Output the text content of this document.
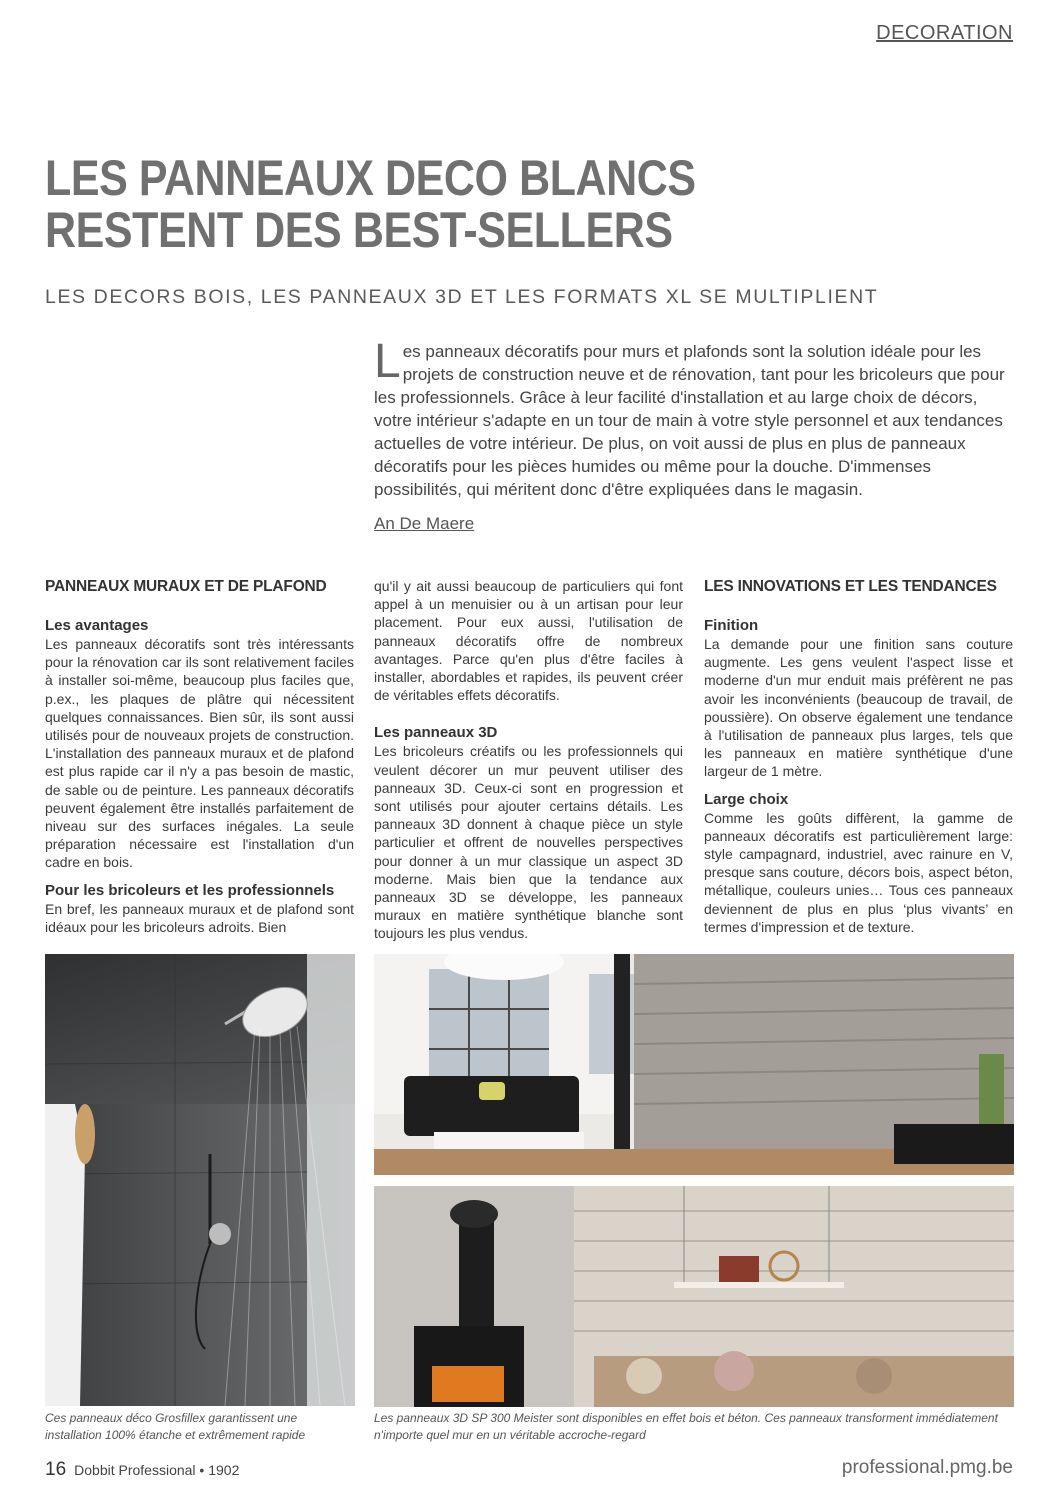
DECORATION
LES PANNEAUX DECO BLANCS RESTENT DES BEST-SELLERS
LES DECORS BOIS, LES PANNEAUX 3D ET LES FORMATS XL SE MULTIPLIENT

Les panneaux décoratifs pour murs et plafonds sont la solution idéale pour les projets de construction neuve et de rénovation, tant pour les bricoleurs que pour les professionnels. Grâce à leur facilité d'installation et au large choix de décors, votre intérieur s'adapte en un tour de main à votre style personnel et aux tendances actuelles de votre intérieur. De plus, on voit aussi de plus en plus de panneaux décoratifs pour les pièces humides ou même pour la douche. D'immenses possibilités, qui méritent donc d'être expliquées dans le magasin.

An De Maere
PANNEAUX MURAUX ET DE PLAFOND
Les avantages

Les panneaux décoratifs sont très intéressants pour la rénovation car ils sont relativement faciles à installer soi-même, beaucoup plus faciles que, p.ex., les plaques de plâtre qui nécessitent quelques connaissances. Bien sûr, ils sont aussi utilisés pour de nouveaux projets de construction. L'installation des panneaux muraux et de plafond est plus rapide car il n'y a pas besoin de mastic, de sable ou de peinture. Les panneaux décoratifs peuvent également être installés parfaitement de niveau sur des surfaces inégales. La seule préparation nécessaire est l'installation d'un cadre en bois.

Pour les bricoleurs et les professionnels

En bref, les panneaux muraux et de plafond sont idéaux pour les bricoleurs adroits. Bien

qu'il y ait aussi beaucoup de particuliers qui font appel à un menuisier ou à un artisan pour leur placement. Pour eux aussi, l'utilisation de panneaux décoratifs offre de nombreux avantages. Parce qu'en plus d'être faciles à installer, abordables et rapides, ils peuvent créer de véritables effets décoratifs.

Les panneaux 3D

Les bricoleurs créatifs ou les professionnels qui veulent décorer un mur peuvent utiliser des panneaux 3D. Ceux-ci sont en progression et sont utilisés pour ajouter certains détails. Les panneaux 3D donnent à chaque pièce un style particulier et offrent de nouvelles perspectives pour donner à un mur classique un aspect 3D moderne. Mais bien que la tendance aux panneaux 3D se développe, les panneaux muraux en matière synthétique blanche sont toujours les plus vendus.

LES INNOVATIONS ET LES TENDANCES
Finition

La demande pour une finition sans couture augmente. Les gens veulent l'aspect lisse et moderne d'un mur enduit mais préfèrent ne pas avoir les inconvénients (beaucoup de travail, de poussière). On observe également une tendance à l'utilisation de panneaux plus larges, tels que les panneaux en matière synthétique d'une largeur de 1 mètre.

Large choix

Comme les goûts diffèrent, la gamme de panneaux décoratifs est particulièrement large: style campagnard, industriel, avec rainure en V, presque sans couture, décors bois, aspect béton, métallique, couleurs unies… Tous ces panneaux deviennent de plus en plus ‘plus vivants’ en termes d'impression et de texture.

Ces panneaux déco Grosfillex garantissent une installation 100% étanche et extrêmement rapide
Les panneaux 3D SP 300 Meister sont disponibles en effet bois et béton. Ces panneaux transforment immédiatement n'importe quel mur en un véritable accroche-regard
16 Dobbit Professional • 1902	professional.pmg.be
